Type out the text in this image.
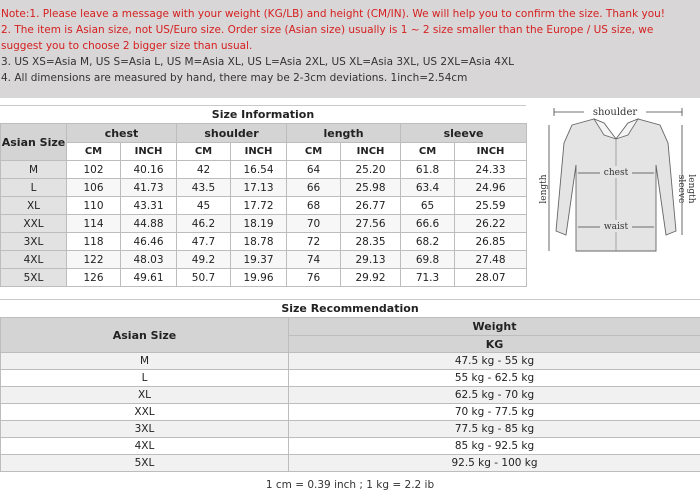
Note:1. Please leave a message with your weight (KG/LB) and height (CM/IN). We will help you to confirm the size. Thank you!
2. The item is Asian size, not US/Euro size. Order size (Asian size) usually is 1 ~ 2 size smaller than the Europe / US size, we
suggest you to choose 2 bigger size than usual.
3. US XS=Asia M, US S=Asia L, US M=Asia XL, US L=Asia 2XL, US XL=Asia 3XL, US 2XL=Asia 4XL
4. All dimensions are measured by hand, there may be 2-3cm deviations. 1inch=2.54cm
Size Information
Asian Size	chest		shoulder		length		sleeve	
	CM	INCH	CM	INCH	CM	INCH	CM	INCH
M	102	40.16	42	16.54	64	25.20	61.8	24.33
L	106	41.73	43.5	17.13	66	25.98	63.4	24.96
XL	110	43.31	45	17.72	68	26.77	65	25.59
XXL	114	44.88	46.2	18.19	70	27.56	66.6	26.22
3XL	118	46.46	47.7	18.78	72	28.35	68.2	26.85
4XL	122	48.03	49.2	19.37	74	29.13	69.8	27.48
5XL	126	49.61	50.7	19.96	76	29.92	71.3	28.07
shoulder
chest
waist
length	sleeve length
Size Recommendation
Asian Size	Weight
	KG
M	47.5 kg - 55 kg
L	55 kg - 62.5 kg
XL	62.5 kg - 70 kg
XXL	70 kg - 77.5 kg
3XL	77.5 kg - 85 kg
4XL	85 kg - 92.5 kg
5XL	92.5 kg - 100 kg
1 cm = 0.39 inch ; 1 kg = 2.2 ib
